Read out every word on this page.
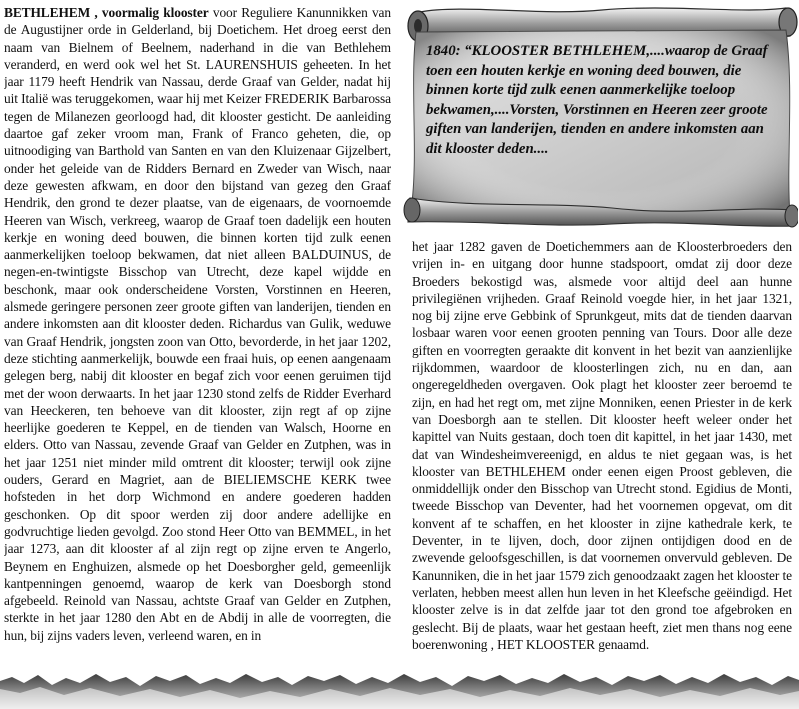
BETHLEHEM , voormalig klooster voor Reguliere Kanunnikken van de Augustijner orde in Gelderland, bij Doetichem. Het droeg eerst den naam van Bielnem of Beelnem, naderhand in die van Bethlehem veranderd, en werd ook wel het St. LAURENSHUIS geheeten. In het jaar 1179 heeft Hendrik van Nassau, derde Graaf van Gelder, nadat hij uit Italië was teruggekomen, waar hij met Keizer FREDERIK Barbarossa tegen de Milanezen georloogd had, dit klooster gesticht. De aanleiding daartoe gaf zeker vroom man, Frank of Franco geheten, die, op uitnoodiging van Barthold van Santen en van den Kluizenaar Gijzelbert, onder het geleide van de Ridders Bernard en Zweder van Wisch, naar deze gewesten afkwam, en door den bijstand van gezeg den Graaf Hendrik, den grond te dezer plaatse, van de eigenaars, de voornoemde Heeren van Wisch, verkreeg, waarop de Graaf toen dadelijk een houten kerkje en woning deed bouwen, die binnen korten tijd zulk eenen aanmerkelijken toeloop bekwamen, dat niet alleen BALDUINUS, de negen-en-twintigste Bisschop van Utrecht, deze kapel wijdde en beschonk, maar ook onderscheidene Vorsten, Vorstinnen en Heeren, alsmede geringere personen zeer groote giften van landerijen, tienden en andere inkomsten aan dit klooster deden. Richardus van Gulik, weduwe van Graaf Hendrik, jongsten zoon van Otto, bevorderde, in het jaar 1202, deze stichting aanmerkelijk, bouwde een fraai huis, op eenen aangenaam gelegen berg, nabij dit klooster en begaf zich voor eenen geruimen tijd met der woon derwaarts. In het jaar 1230 stond zelfs de Ridder Everhard van Heeckeren, ten behoeve van dit klooster, zijn regt af op zijne heerlijke goederen te Keppel, en de tienden van Walsch, Hoorne en elders. Otto van Nassau, zevende Graaf van Gelder en Zutphen, was in het jaar 1251 niet minder mild omtrent dit klooster; terwijl ook zijne ouders, Gerard en Magriet, aan de BIELIEMSCHE KERK twee hofsteden in het dorp Wichmond en andere goederen hadden geschonken. Op dit spoor werden zij door andere adellijke en godvruchtige lieden gevolgd. Zoo stond Heer Otto van BEMMEL, in het jaar 1273, aan dit klooster af al zijn regt op zijne erven te Angerlo, Beynem en Enghuizen, alsmede op het Doesborgher geld, gemeenlijk kantpenningen genoemd, waarop de kerk van Doesborgh stond afgebeeld. Reinold van Nassau, achtste Graaf van Gelder en Zutphen, sterkte in het jaar 1280 den Abt en de Abdij in alle de voorregten, die hun, bij zijns vaders leven, verleend waren, en in

1840: “KLOOSTER BETHLEHEM,....waarop de Graaf toen een houten kerkje en woning deed bouwen, die binnen korte tijd zulk eenen aanmerkelijke toeloop bekwamen,....Vorsten, Vorstinnen en Heeren zeer groote giften van landerijen, tienden en andere inkomsten aan dit klooster deden....

het jaar 1282 gaven de Doetichemmers aan de Kloosterbroeders den vrijen in- en uitgang door hunne stadspoort, omdat zij door deze Broeders bekostigd was, alsmede voor altijd deel aan hunne privilegiënen vrijheden. Graaf Reinold voegde hier, in het jaar 1321, nog bij zijne erve Gebbink of Sprunkgeut, mits dat de tienden daarvan losbaar waren voor eenen grooten penning van Tours. Door alle deze giften en voorregten geraakte dit konvent in het bezit van aanzienlijke rijkdommen, waardoor de kloosterlingen zich, nu en dan, aan ongeregeldheden overgaven. Ook plagt het klooster zeer beroemd te zijn, en had het regt om, met zijne Monniken, eenen Priester in de kerk van Doesborgh aan te stellen. Dit klooster heeft weleer onder het kapittel van Nuits gestaan, doch toen dit kapittel, in het jaar 1430, met dat van Windesheimvereenigd, en aldus te niet gegaan was, is het klooster van BETHLEHEM onder eenen eigen Proost gebleven, die onmiddellijk onder den Bisschop van Utrecht stond. Egidius de Monti, tweede Bisschop van Deventer, had het voornemen opgevat, om dit konvent af te schaffen, en het klooster in zijne kathedrale kerk, te Deventer, in te lijven, doch, door zijnen ontijdigen dood en de zwevende geloofsgeschillen, is dat voornemen onvervuld gebleven. De Kanunniken, die in het jaar 1579 zich genoodzaakt zagen het klooster te verlaten, hebben meest allen hun leven in het Kleefsche geëindigd. Het klooster zelve is in dat zelfde jaar tot den grond toe afgebroken en geslecht. Bij de plaats, waar het gestaan heeft, ziet men thans nog eene boerenwoning , HET KLOOSTER genaamd.
